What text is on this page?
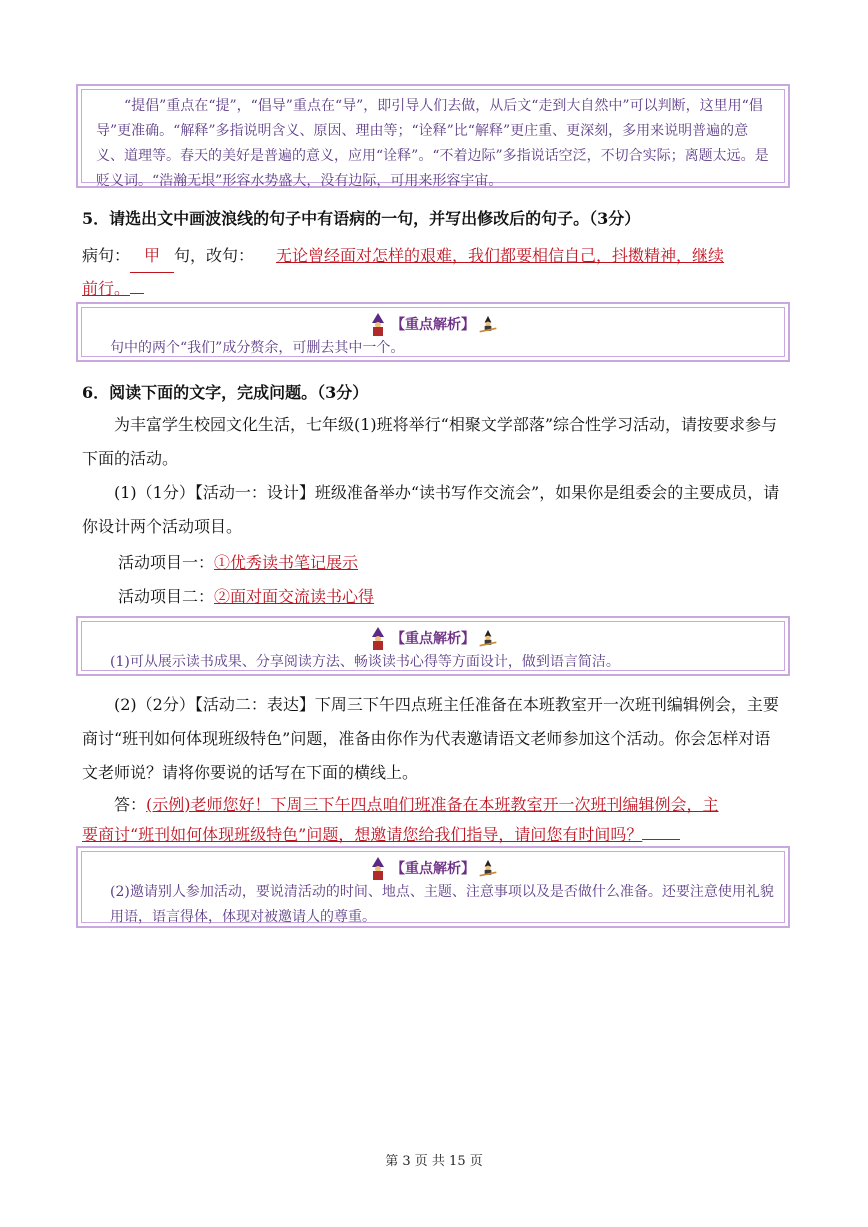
“提倡”重点在“提”，“倡导”重点在“导”，即引导人们去做，从后文“走到大自然中”可以判断，这里用“倡导”更准确。“解释”多指说明含义、原因、理由等；“诠释”比“解释”更庄重、更深刻，多用来说明普遍的意义、道理等。春天的美好是普遍的意义，应用“诠释”。“不着边际”多指说话空泛，不切合实际；离题太远。是贬义词。“浩瀚无垠”形容水势盛大，没有边际，可用来形容宇宙。

5．请选出文中画波浪线的句子中有语病的一句，并写出修改后的句子。（3分）
病句： 甲 句，改句： 无论曾经面对怎样的艰难，我们都要相信自己，抖擞精神，继续
前行。
【重点解析】

句中的两个“我们”成分赘余，可删去其中一个。

6．阅读下面的文字，完成问题。（3分）
为丰富学生校园文化生活，七年级(1)班将举行“相聚文学部落”综合性学习活动，请按要求参与下面的活动。
(1)（1分）【活动一：设计】班级准备举办“读书写作交流会”，如果你是组委会的主要成员，请你设计两个活动项目。
活动项目一：①优秀读书笔记展示
活动项目二：②面对面交流读书心得
【重点解析】

(1)可从展示读书成果、分享阅读方法、畅谈读书心得等方面设计，做到语言简洁。

(2)（2分）【活动二：表达】下周三下午四点班主任准备在本班教室开一次班刊编辑例会，主要商讨“班刊如何体现班级特色”问题，准备由你作为代表邀请语文老师参加这个活动。你会怎样对语文老师说？请将你要说的话写在下面的横线上。
答：(示例)老师您好！下周三下午四点咱们班准备在本班教室开一次班刊编辑例会，主
要商讨“班刊如何体现班级特色”问题，想邀请您给我们指导，请问您有时间吗？
【重点解析】

(2)邀请别人参加活动，要说清活动的时间、地点、主题、注意事项以及是否做什么准备。还要注意使用礼貌用语，语言得体，体现对被邀请人的尊重。

第 3 页 共 15 页
